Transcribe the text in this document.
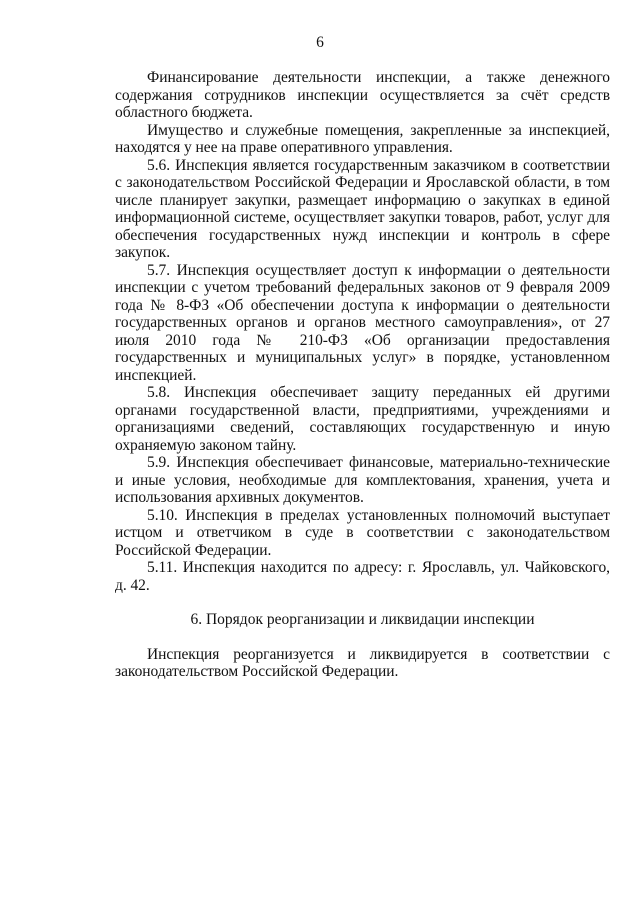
6

Финансирование деятельности инспекции, а также денежного содержания сотрудников инспекции осуществляется за счёт средств областного бюджета.

Имущество и служебные помещения, закрепленные за инспекцией, находятся у нее на праве оперативного управления.

5.6. Инспекция является государственным заказчиком в соответствии с законодательством Российской Федерации и Ярославской области, в том числе планирует закупки, размещает информацию о закупках в единой информационной системе, осуществляет закупки товаров, работ, услуг для обеспечения государственных нужд инспекции и контроль в сфере закупок.

5.7. Инспекция осуществляет доступ к информации о деятельности инспекции с учетом требований федеральных законов от 9 февраля 2009 года № 8-ФЗ «Об обеспечении доступа к информации о деятельности государственных органов и органов местного самоуправления», от 27 июля 2010 года № 210-ФЗ «Об организации предоставления государственных и муниципальных услуг» в порядке, установленном инспекцией.

5.8. Инспекция обеспечивает защиту переданных ей другими органами государственной власти, предприятиями, учреждениями и организациями сведений, составляющих государственную и иную охраняемую законом тайну.

5.9. Инспекция обеспечивает финансовые, материально-технические и иные условия, необходимые для комплектования, хранения, учета и использования архивных документов.

5.10. Инспекция в пределах установленных полномочий выступает истцом и ответчиком в суде в соответствии с законодательством Российской Федерации.

5.11. Инспекция находится по адресу: г. Ярославль, ул. Чайковского, д. 42.

6. Порядок реорганизации и ликвидации инспекции

Инспекция реорганизуется и ликвидируется в соответствии с законодательством Российской Федерации.
